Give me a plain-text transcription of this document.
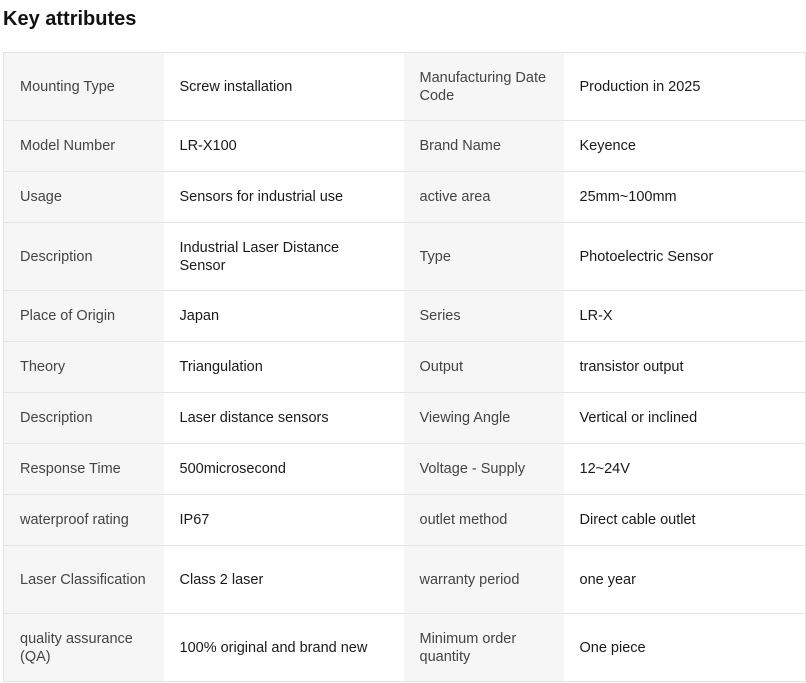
Key attributes
Mounting Type	Screw installation	Manufacturing Date Code	Production in 2025
Model Number	LR-X100	Brand Name	Keyence
Usage	Sensors for industrial use	active area	25mm~100mm
Description	Industrial Laser Distance Sensor	Type	Photoelectric Sensor
Place of Origin	Japan	Series	LR-X
Theory	Triangulation	Output	transistor output
Description	Laser distance sensors	Viewing Angle	Vertical or inclined
Response Time	500microsecond	Voltage - Supply	12~24V
waterproof rating	IP67	outlet method	Direct cable outlet
Laser Classification	Class 2 laser	warranty period	one year
quality assurance (QA)	100% original and brand new	Minimum order quantity	One piece
